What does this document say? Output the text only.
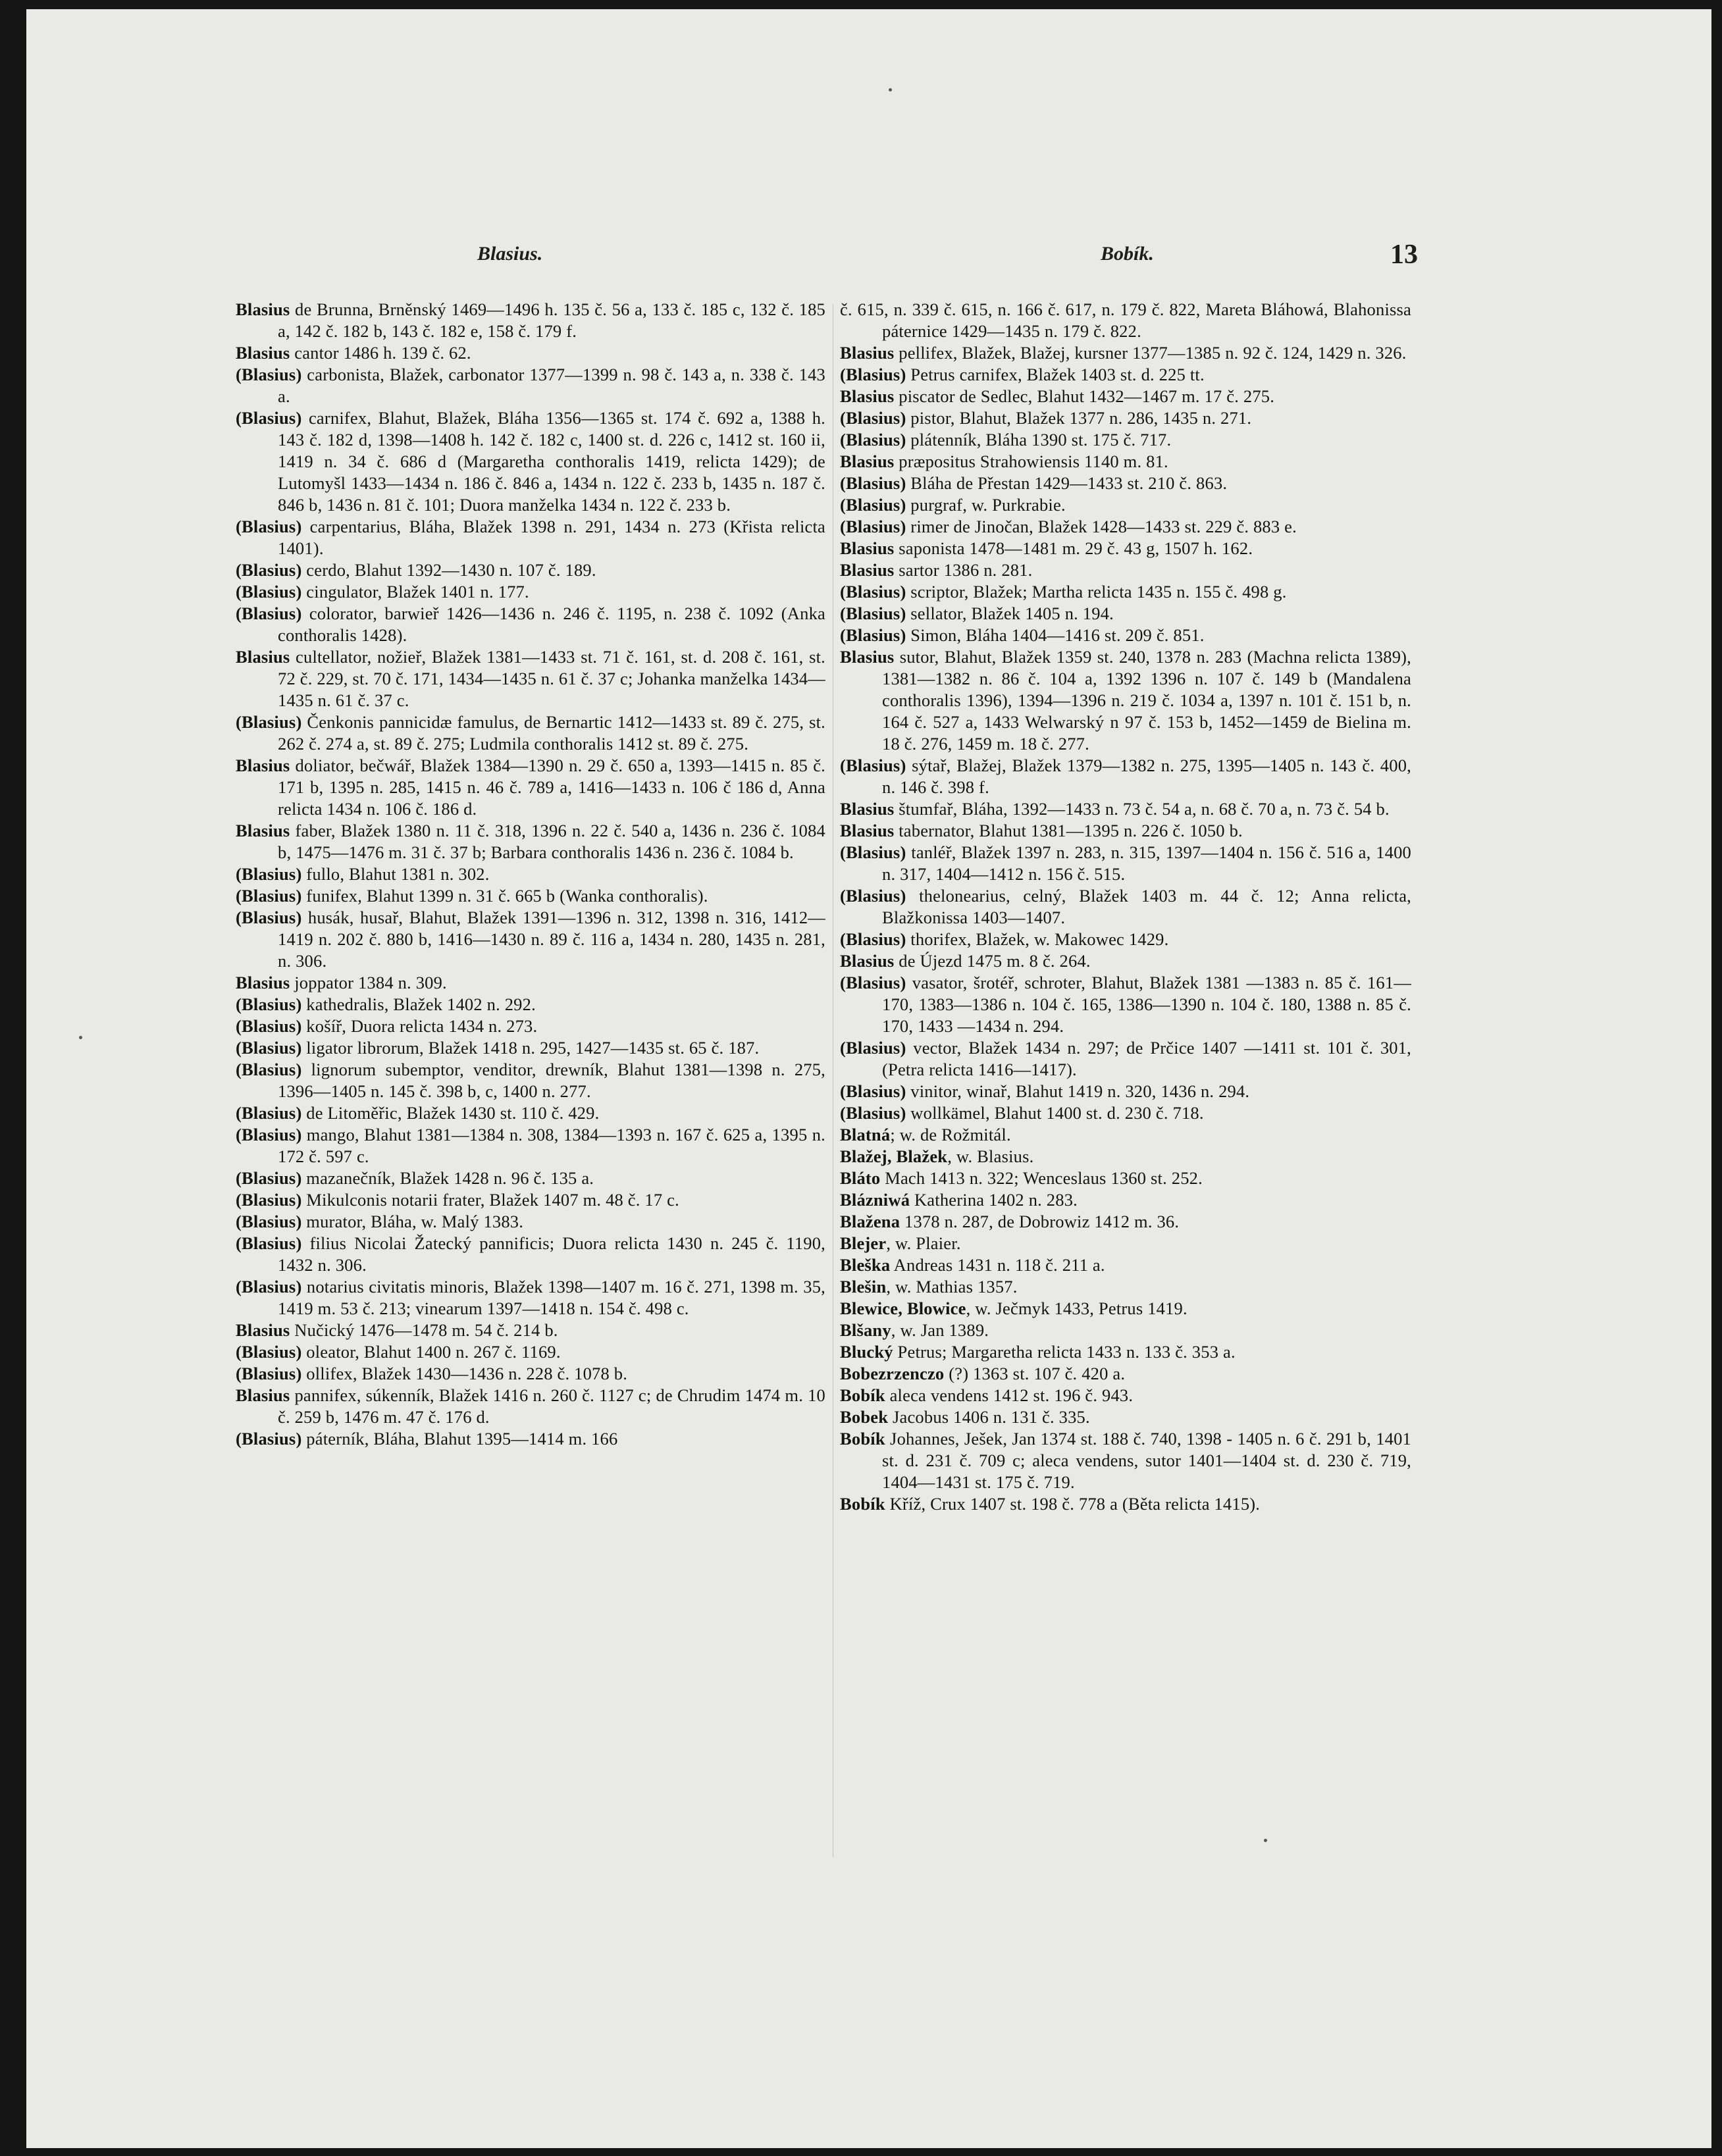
Blasius.	Bobík.	13
Blasius de Brunna, Brněnský 1469—1496 h. 135 č. 56 a, 133 č. 185 c, 132 č. 185 a, 142 č. 182 b, 143 č. 182 e, 158 č. 179 f.
Blasius cantor 1486 h. 139 č. 62.
(Blasius) carbonista, Blažek, carbonator 1377—1399 n. 98 č. 143 a, n. 338 č. 143 a.
(Blasius) carnifex, Blahut, Blažek, Bláha 1356—1365 st. 174 č. 692 a, 1388 h. 143 č. 182 d, 1398—1408 h. 142 č. 182 c, 1400 st. d. 226 c, 1412 st. 160 ii, 1419 n. 34 č. 686 d (Margaretha conthoralis 1419, relicta 1429); de Lutomyšl 1433—1434 n. 186 č. 846 a, 1434 n. 122 č. 233 b, 1435 n. 187 č. 846 b, 1436 n. 81 č. 101; Duora manželka 1434 n. 122 č. 233 b.
(Blasius) carpentarius, Bláha, Blažek 1398 n. 291, 1434 n. 273 (Křista relicta 1401).
(Blasius) cerdo, Blahut 1392—1430 n. 107 č. 189.
(Blasius) cingulator, Blažek 1401 n. 177.
(Blasius) colorator, barwieř 1426—1436 n. 246 č. 1195, n. 238 č. 1092 (Anka conthoralis 1428).
Blasius cultellator, nožieř, Blažek 1381—1433 st. 71 č. 161, st. d. 208 č. 161, st. 72 č. 229, st. 70 č. 171, 1434—1435 n. 61 č. 37 c; Johanka manželka 1434—1435 n. 61 č. 37 c.
(Blasius) Čenkonis pannicidæ famulus, de Bernartic 1412—1433 st. 89 č. 275, st. 262 č. 274 a, st. 89 č. 275; Ludmila conthoralis 1412 st. 89 č. 275.
Blasius doliator, bečwář, Blažek 1384—1390 n. 29 č. 650 a, 1393—1415 n. 85 č. 171 b, 1395 n. 285, 1415 n. 46 č. 789 a, 1416—1433 n. 106 č 186 d, Anna relicta 1434 n. 106 č. 186 d.
Blasius faber, Blažek 1380 n. 11 č. 318, 1396 n. 22 č. 540 a, 1436 n. 236 č. 1084 b, 1475—1476 m. 31 č. 37 b; Barbara conthoralis 1436 n. 236 č. 1084 b.
(Blasius) fullo, Blahut 1381 n. 302.
(Blasius) funifex, Blahut 1399 n. 31 č. 665 b (Wanka conthoralis).
(Blasius) husák, husař, Blahut, Blažek 1391—1396 n. 312, 1398 n. 316, 1412—1419 n. 202 č. 880 b, 1416—1430 n. 89 č. 116 a, 1434 n. 280, 1435 n. 281, n. 306.
Blasius joppator 1384 n. 309.
(Blasius) kathedralis, Blažek 1402 n. 292.
(Blasius) košíř, Duora relicta 1434 n. 273.
(Blasius) ligator librorum, Blažek 1418 n. 295, 1427—1435 st. 65 č. 187.
(Blasius) lignorum subemptor, venditor, drewník, Blahut 1381—1398 n. 275, 1396—1405 n. 145 č. 398 b, c, 1400 n. 277.
(Blasius) de Litoměřic, Blažek 1430 st. 110 č. 429.
(Blasius) mango, Blahut 1381—1384 n. 308, 1384—1393 n. 167 č. 625 a, 1395 n. 172 č. 597 c.
(Blasius) mazanečník, Blažek 1428 n. 96 č. 135 a.
(Blasius) Mikulconis notarii frater, Blažek 1407 m. 48 č. 17 c.
(Blasius) murator, Bláha, w. Malý 1383.
(Blasius) filius Nicolai Žatecký pannificis; Duora relicta 1430 n. 245 č. 1190, 1432 n. 306.
(Blasius) notarius civitatis minoris, Blažek 1398—1407 m. 16 č. 271, 1398 m. 35, 1419 m. 53 č. 213; vinearum 1397—1418 n. 154 č. 498 c.
Blasius Nučický 1476—1478 m. 54 č. 214 b.
(Blasius) oleator, Blahut 1400 n. 267 č. 1169.
(Blasius) ollifex, Blažek 1430—1436 n. 228 č. 1078 b.
Blasius pannifex, súkenník, Blažek 1416 n. 260 č. 1127 c; de Chrudim 1474 m. 10 č. 259 b, 1476 m. 47 č. 176 d.
(Blasius) páterník, Bláha, Blahut 1395—1414 m. 166
č. 615, n. 339 č. 615, n. 166 č. 617, n. 179 č. 822, Mareta Bláhowá, Blahonissa páternice 1429—1435 n. 179 č. 822.
Blasius pellifex, Blažek, Blažej, kursner 1377—1385 n. 92 č. 124, 1429 n. 326.
(Blasius) Petrus carnifex, Blažek 1403 st. d. 225 tt.
Blasius piscator de Sedlec, Blahut 1432—1467 m. 17 č. 275.
(Blasius) pistor, Blahut, Blažek 1377 n. 286, 1435 n. 271.
(Blasius) plátenník, Bláha 1390 st. 175 č. 717.
Blasius præpositus Strahowiensis 1140 m. 81.
(Blasius) Bláha de Přestan 1429—1433 st. 210 č. 863.
(Blasius) purgraf, w. Purkrabie.
(Blasius) rimer de Jinočan, Blažek 1428—1433 st. 229 č. 883 e.
Blasius saponista 1478—1481 m. 29 č. 43 g, 1507 h. 162.
Blasius sartor 1386 n. 281.
(Blasius) scriptor, Blažek; Martha relicta 1435 n. 155 č. 498 g.
(Blasius) sellator, Blažek 1405 n. 194.
(Blasius) Simon, Bláha 1404—1416 st. 209 č. 851.
Blasius sutor, Blahut, Blažek 1359 st. 240, 1378 n. 283 (Machna relicta 1389), 1381—1382 n. 86 č. 104 a, 1392 1396 n. 107 č. 149 b (Mandalena conthoralis 1396), 1394—1396 n. 219 č. 1034 a, 1397 n. 101 č. 151 b, n. 164 č. 527 a, 1433 Welwarský n 97 č. 153 b, 1452—1459 de Bielina m. 18 č. 276, 1459 m. 18 č. 277.
(Blasius) sýtař, Blažej, Blažek 1379—1382 n. 275, 1395—1405 n. 143 č. 400, n. 146 č. 398 f.
Blasius štumfař, Bláha, 1392—1433 n. 73 č. 54 a, n. 68 č. 70 a, n. 73 č. 54 b.
Blasius tabernator, Blahut 1381—1395 n. 226 č. 1050 b.
(Blasius) tanléř, Blažek 1397 n. 283, n. 315, 1397—1404 n. 156 č. 516 a, 1400 n. 317, 1404—1412 n. 156 č. 515.
(Blasius) thelonearius, celný, Blažek 1403 m. 44 č. 12; Anna relicta, Blažkonissa 1403—1407.
(Blasius) thorifex, Blažek, w. Makowec 1429.
Blasius de Újezd 1475 m. 8 č. 264.
(Blasius) vasator, šrotéř, schroter, Blahut, Blažek 1381 —1383 n. 85 č. 161—170, 1383—1386 n. 104 č. 165, 1386—1390 n. 104 č. 180, 1388 n. 85 č. 170, 1433 —1434 n. 294.
(Blasius) vector, Blažek 1434 n. 297; de Prčice 1407 —1411 st. 101 č. 301, (Petra relicta 1416—1417).
(Blasius) vinitor, winař, Blahut 1419 n. 320, 1436 n. 294.
(Blasius) wollkämel, Blahut 1400 st. d. 230 č. 718.
Blatná; w. de Rožmitál.
Blažej, Blažek, w. Blasius.
Bláto Mach 1413 n. 322; Wenceslaus 1360 st. 252.
Blázniwá Katherina 1402 n. 283.
Blažena 1378 n. 287, de Dobrowiz 1412 m. 36.
Blejer, w. Plaier.
Bleška Andreas 1431 n. 118 č. 211 a.
Blešin, w. Mathias 1357.
Blewice, Blowice, w. Ječmyk 1433, Petrus 1419.
Blšany, w. Jan 1389.
Blucký Petrus; Margaretha relicta 1433 n. 133 č. 353 a.
Bobezrzenczo (?) 1363 st. 107 č. 420 a.
Bobík aleca vendens 1412 st. 196 č. 943.
Bobek Jacobus 1406 n. 131 č. 335.
Bobík Johannes, Ješek, Jan 1374 st. 188 č. 740, 1398 - 1405 n. 6 č. 291 b, 1401 st. d. 231 č. 709 c; aleca vendens, sutor 1401—1404 st. d. 230 č. 719, 1404—1431 st. 175 č. 719.
Bobík Kříž, Crux 1407 st. 198 č. 778 a (Běta relicta 1415).
